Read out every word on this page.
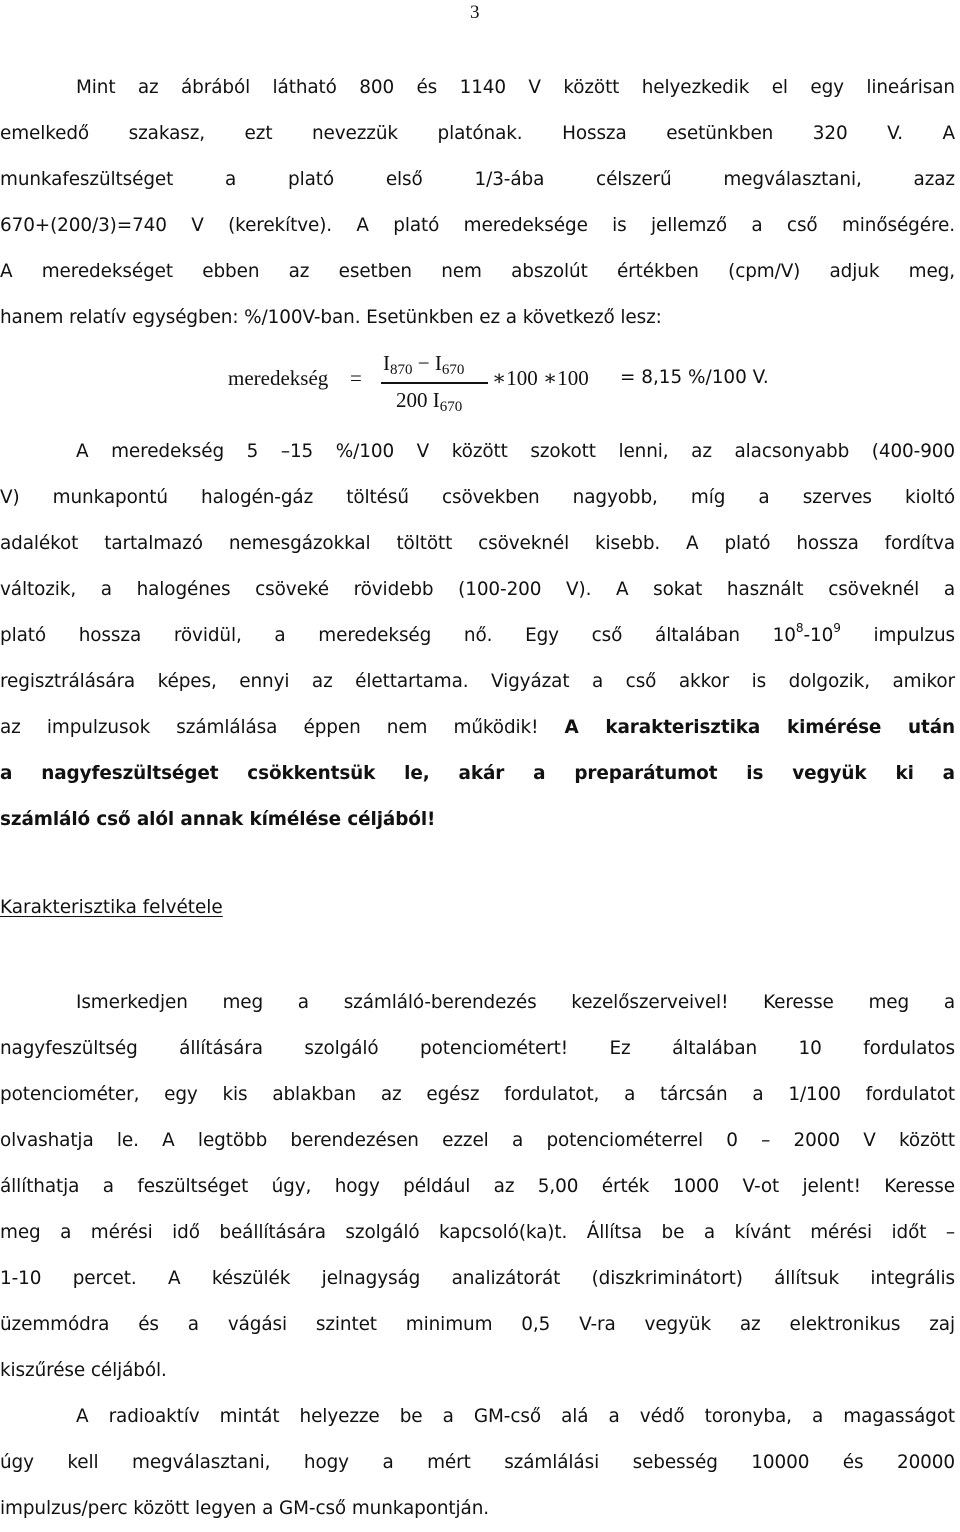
3
Mint az ábrából látható 800 és 1140 V között helyezkedik el egy lineárisan
emelkedő szakasz, ezt nevezzük platónak. Hossza esetünkben 320 V. A
munkafeszültséget a plató első 1/3-ába célszerű megválasztani, azaz
670+(200/3)=740 V (kerekítve). A plató meredeksége is jellemző a cső minőségére.
A meredekséget ebben az esetben nem abszolút értékben (cpm/V) adjuk meg,
hanem relatív egységben: %/100V-ban. Esetünkben ez a következő lesz:
meredekség =
I870 − I670
200 I670
∗100 ∗100 = 8,15 %/100 V.
A meredekség 5 –15 %/100 V között szokott lenni, az alacsonyabb (400-900
V) munkapontú halogén-gáz töltésű csövekben nagyobb, míg a szerves kioltó
adalékot tartalmazó nemesgázokkal töltött csöveknél kisebb. A plató hossza fordítva
változik, a halogénes csöveké rövidebb (100-200 V). A sokat használt csöveknél a
plató hossza rövidül, a meredekség nő. Egy cső általában $10^8-10^9$ impulzus
regisztrálására képes, ennyi az élettartama. Vigyázat a cső akkor is dolgozik, amikor
az impulzusok számlálása éppen nem működik! A karakterisztika kimérése után
a nagyfeszültséget csökkentsük le, akár a preparátumot is vegyük ki a
számláló cső alól annak kímélése céljából!
Karakterisztika felvétele
Ismerkedjen meg a számláló-berendezés kezelőszerveivel! Keresse meg a
nagyfeszültség állítására szolgáló potenciométert! Ez általában 10 fordulatos
potenciométer, egy kis ablakban az egész fordulatot, a tárcsán a 1/100 fordulatot
olvashatja le. A legtöbb berendezésen ezzel a potenciométerrel 0 – 2000 V között
állíthatja a feszültséget úgy, hogy például az 5,00 érték 1000 V-ot jelent! Keresse
meg a mérési idő beállítására szolgáló kapcsoló(ka)t. Állítsa be a kívánt mérési időt –
1-10 percet. A készülék jelnagyság analizátorát (diszkriminátort) állítsuk integrális
üzemmódra és a vágási szintet minimum 0,5 V-ra vegyük az elektronikus zaj
kiszűrése céljából.
A radioaktív mintát helyezze be a GM-cső alá a védő toronyba, a magasságot
úgy kell megválasztani, hogy a mért számlálási sebesség 10000 és 20000
impulzus/perc között legyen a GM-cső munkapontján.
